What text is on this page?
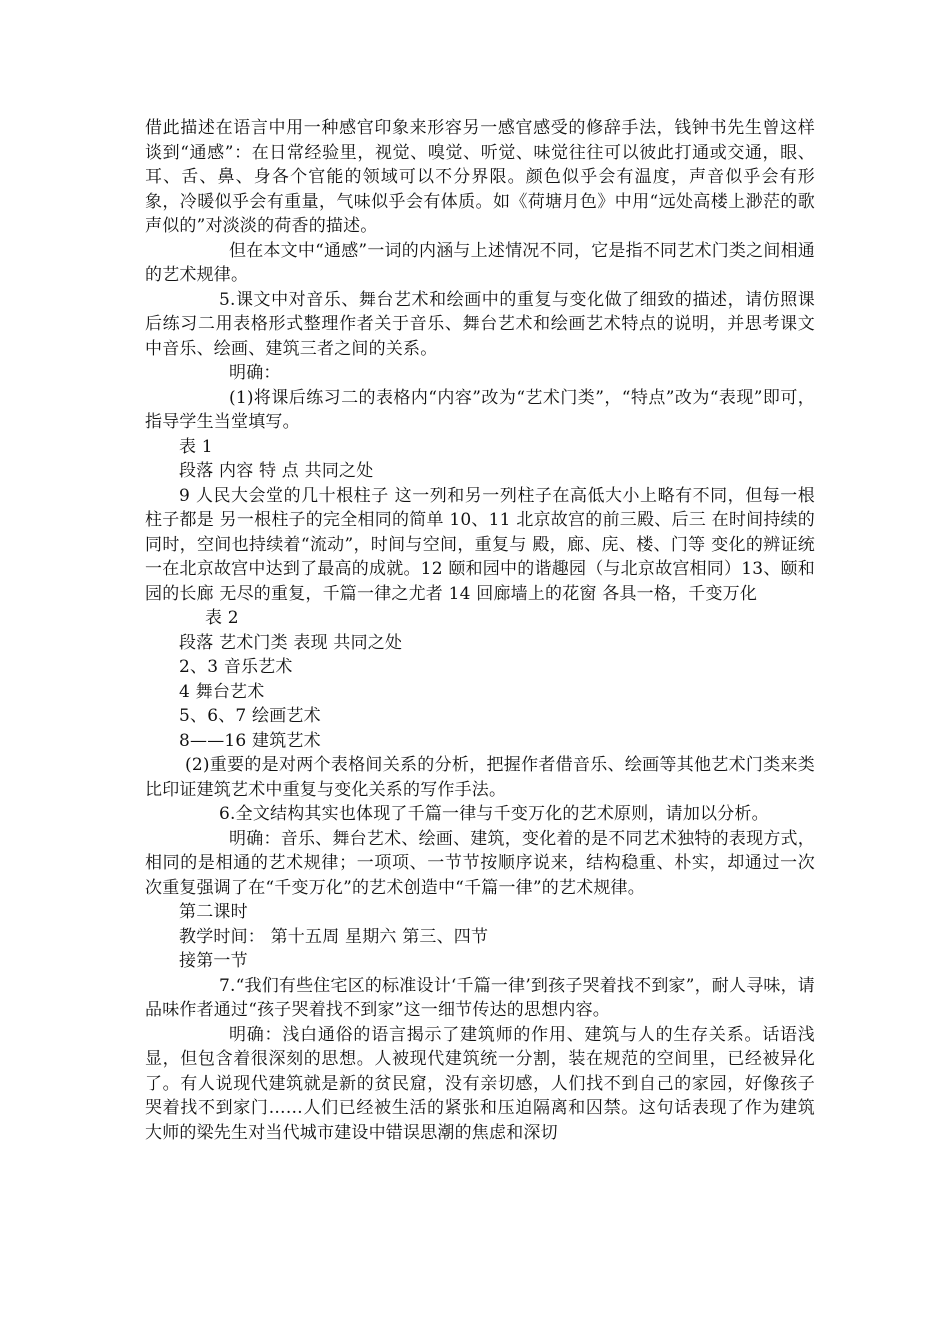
借此描述在语言中用一种感官印象来形容另一感官感受的修辞手法，钱钟书先生曾这样谈到“通感”：在日常经验里，视觉、嗅觉、听觉、味觉往往可以彼此打通或交通，眼、耳、舌、鼻、身各个官能的领域可以不分界限。颜色似乎会有温度，声音似乎会有形象，冷暖似乎会有重量，气味似乎会有体质。如《荷塘月色》中用“远处高楼上渺茫的歌声似的”对淡淡的荷香的描述。

但在本文中“通感”一词的内涵与上述情况不同，它是指不同艺术门类之间相通的艺术规律。

5.课文中对音乐、舞台艺术和绘画中的重复与变化做了细致的描述，请仿照课后练习二用表格形式整理作者关于音乐、舞台艺术和绘画艺术特点的说明，并思考课文中音乐、绘画、建筑三者之间的关系。

明确：

(1)将课后练习二的表格内“内容”改为“艺术门类”，“特点”改为“表现”即可，指导学生当堂填写。

表 1

段落 内容 特 点 共同之处

9 人民大会堂的几十根柱子 这一列和另一列柱子在高低大小上略有不同，但每一根柱子都是 另一根柱子的完全相同的简单 10、11 北京故宫的前三殿、后三 在时间持续的同时，空间也持续着“流动”，时间与空间，重复与 殿，廊、庑、楼、门等 变化的辨证统一在北京故宫中达到了最高的成就。12 颐和园中的谐趣园（与北京故宫相同）13、颐和园的长廊 无尽的重复，千篇一律之尤者 14 回廊墙上的花窗 各具一格，千变万化

表 2

段落 艺术门类 表现 共同之处

2、3 音乐艺术

4 舞台艺术

5、6、7 绘画艺术

8——16 建筑艺术

(2)重要的是对两个表格间关系的分析，把握作者借音乐、绘画等其他艺术门类来类比印证建筑艺术中重复与变化关系的写作手法。

6.全文结构其实也体现了千篇一律与千变万化的艺术原则，请加以分析。

明确：音乐、舞台艺术、绘画、建筑，变化着的是不同艺术独特的表现方式，相同的是相通的艺术规律；一项项、一节节按顺序说来，结构稳重、朴实，却通过一次次重复强调了在“千变万化”的艺术创造中“千篇一律”的艺术规律。

第二课时

教学时间： 第十五周 星期六 第三、四节

接第一节

7.“我们有些住宅区的标准设计‘千篇一律’到孩子哭着找不到家”，耐人寻味，请品味作者通过“孩子哭着找不到家”这一细节传达的思想内容。

明确：浅白通俗的语言揭示了建筑师的作用、建筑与人的生存关系。话语浅显，但包含着很深刻的思想。人被现代建筑统一分割，装在规范的空间里，已经被异化了。有人说现代建筑就是新的贫民窟，没有亲切感，人们找不到自己的家园，好像孩子哭着找不到家门……人们已经被生活的紧张和压迫隔离和囚禁。这句话表现了作为建筑大师的梁先生对当代城市建设中错误思潮的焦虑和深切
